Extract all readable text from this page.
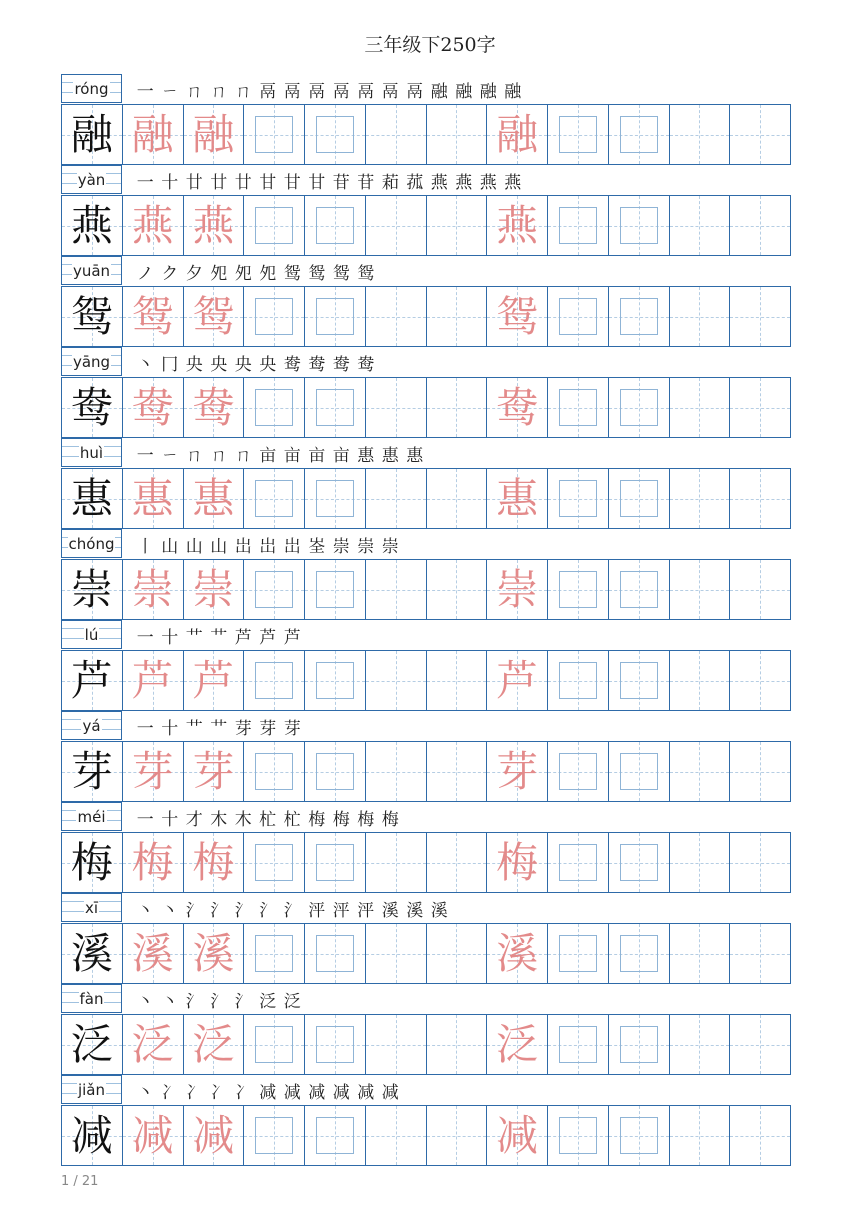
三年级下250字
róng 一 ㄧ ㄇ ㄇ ㄇ 鬲 鬲 鬲 鬲 鬲 鬲 鬲 融 融 融 融
融 融 融	融
yàn 一 十 廿 廿 廿 甘 甘 甘 苷 苷 萂 菰 燕 燕 燕 燕
燕 燕 燕	燕
yuān ノ ク 夕 夗 夗 夗 鸳 鸳 鸳 鸳
鸳 鸳 鸳	鸳
yāng 丶 冂 央 央 央 央 鸯 鸯 鸯 鸯
鸯 鸯 鸯	鸯
huì 一 ㄧ ㄇ ㄇ ㄇ 亩 亩 亩 亩 惠 惠 惠
惠 惠 惠	惠
chóng 丨 山 山 山 岀 岀 岀 峑 崇 崇 崇
崇 崇 崇	崇
lú 一 十 艹 艹 芦 芦 芦
芦 芦 芦	芦
yá 一 十 艹 艹 芽 芽 芽
芽 芽 芽	芽
méi 一 十 才 木 木 杧 杧 梅 梅 梅 梅
梅 梅 梅	梅
xī 丶 丶 氵 氵 氵 氵 氵 泙 泙 泙 溪 溪 溪
溪 溪 溪	溪
fàn 丶 丶 氵 氵 氵 泛 泛
泛 泛 泛	泛
jiǎn 丶 冫 冫 冫 冫 减 减 减 减 减 减
减 减 减	减
1 / 21
